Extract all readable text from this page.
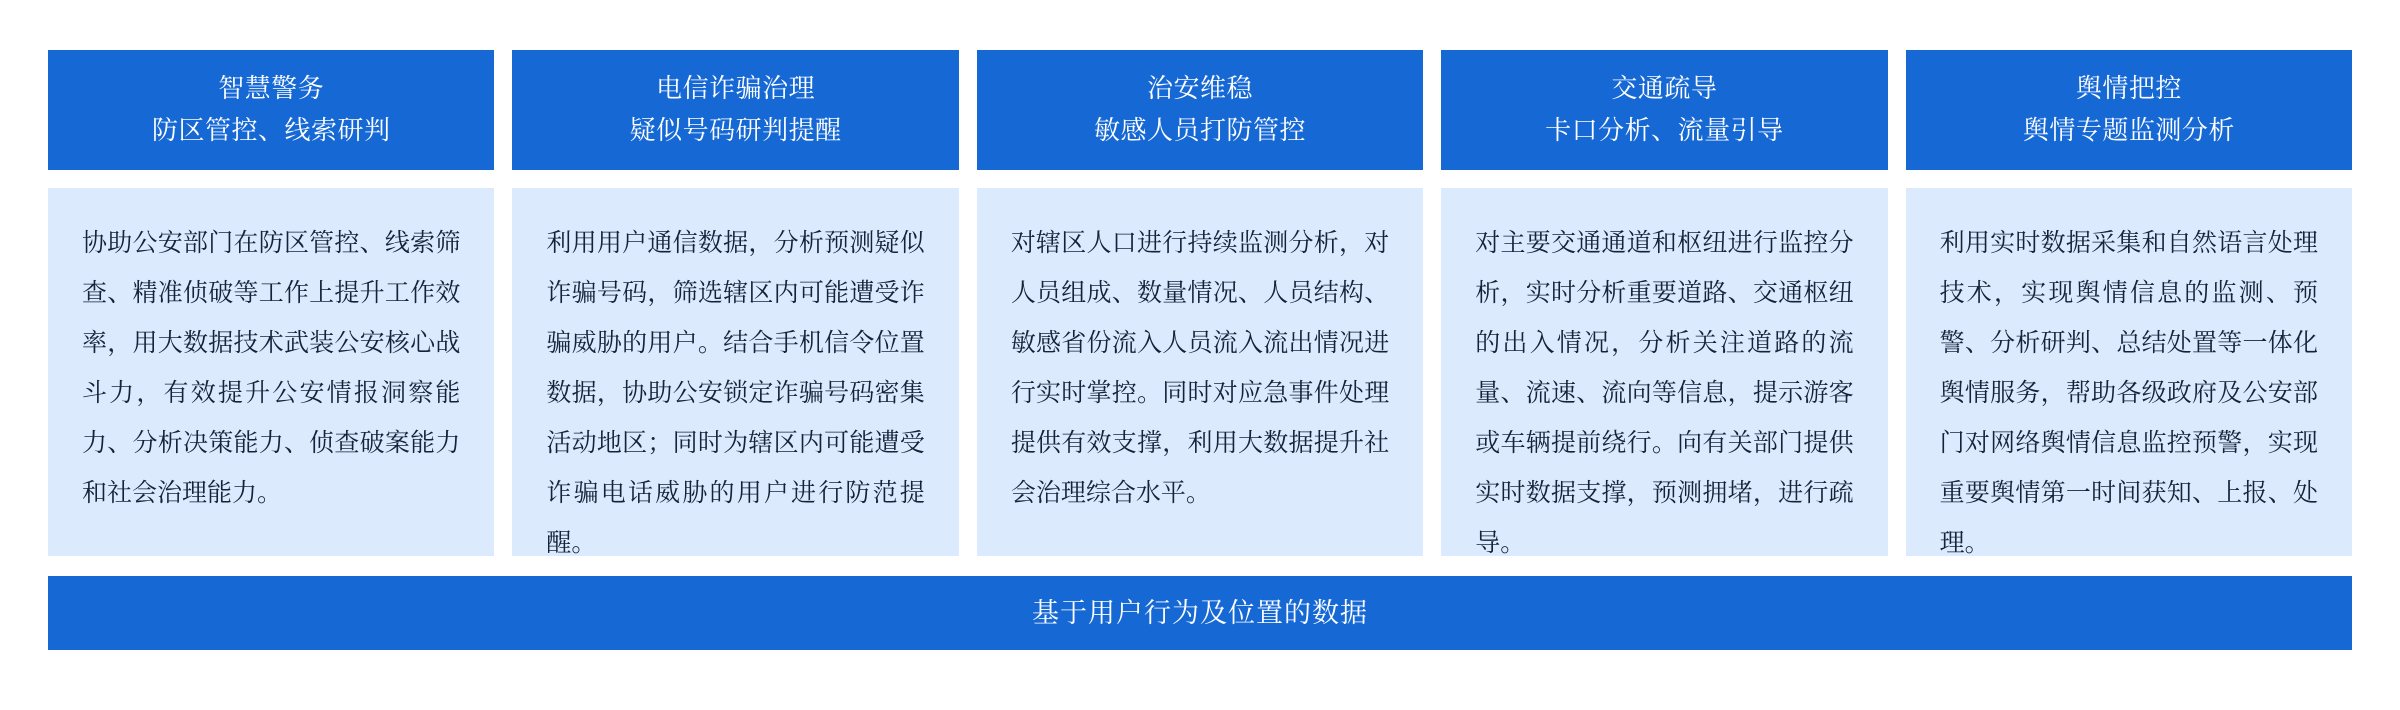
智慧警务
防区管控、线索研判
协助公安部门在防区管控、线索筛查、精准侦破等工作上提升工作效率，用大数据技术武装公安核心战斗力，有效提升公安情报洞察能力、分析决策能力、侦查破案能力和社会治理能力。
电信诈骗治理
疑似号码研判提醒
利用用户通信数据，分析预测疑似诈骗号码，筛选辖区内可能遭受诈骗威胁的用户。结合手机信令位置数据，协助公安锁定诈骗号码密集活动地区；同时为辖区内可能遭受诈骗电话威胁的用户进行防范提醒。
治安维稳
敏感人员打防管控
对辖区人口进行持续监测分析，对人员组成、数量情况、人员结构、敏感省份流入人员流入流出情况进行实时掌控。同时对应急事件处理提供有效支撑，利用大数据提升社会治理综合水平。
交通疏导
卡口分析、流量引导
对主要交通通道和枢纽进行监控分析，实时分析重要道路、交通枢纽的出入情况，分析关注道路的流量、流速、流向等信息，提示游客或车辆提前绕行。向有关部门提供实时数据支撑，预测拥堵，进行疏导。
舆情把控
舆情专题监测分析
利用实时数据采集和自然语言处理技术，实现舆情信息的监测、预警、分析研判、总结处置等一体化舆情服务，帮助各级政府及公安部门对网络舆情信息监控预警，实现重要舆情第一时间获知、上报、处理。
基于用户行为及位置的数据
